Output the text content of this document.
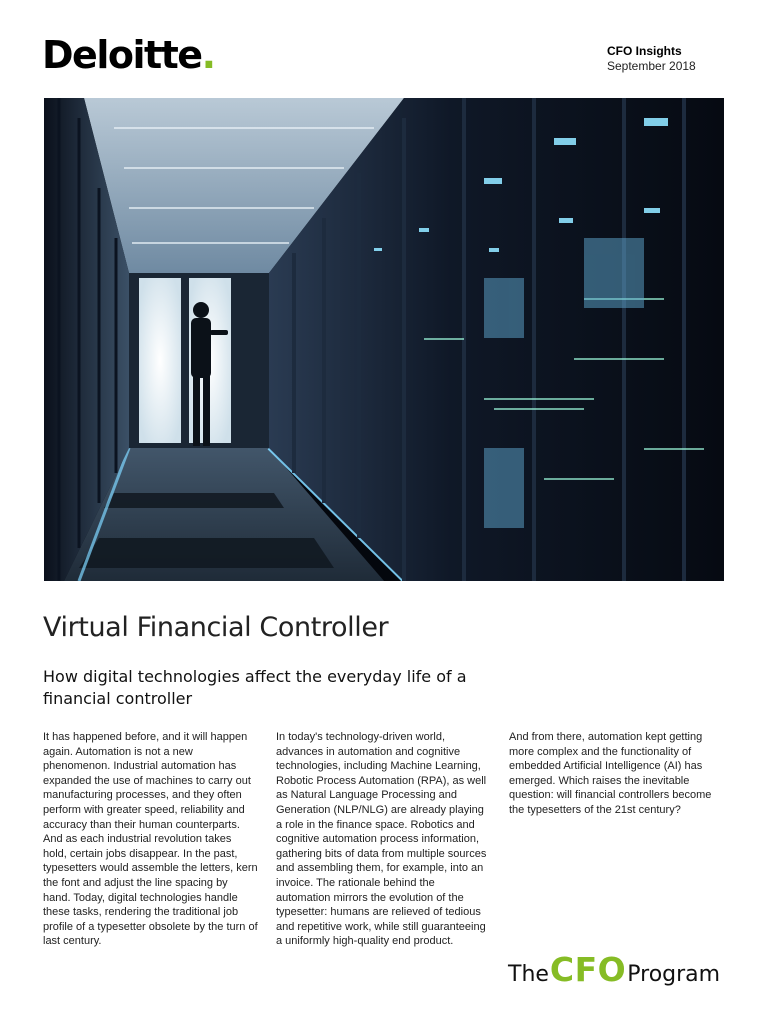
Deloitte.	CFO Insights
September 2018
Virtual Financial Controller
How digital technologies affect the everyday life of a financial controller

It has happened before, and it will happen again. Automation is not a new phenomenon. Industrial automation has expanded the use of machines to carry out manufacturing processes, and they often perform with greater speed, reliability and accuracy than their human counterparts. And as each industrial revolution takes hold, certain jobs disappear. In the past, typesetters would assemble the letters, kern the font and adjust the line spacing by hand. Today, digital technologies handle these tasks, rendering the traditional job profile of a typesetter obsolete by the turn of last century.

In today's technology-driven world, advances in automation and cognitive technologies, including Machine Learning, Robotic Process Automation (RPA), as well as Natural Language Processing and Generation (NLP/NLG) are already playing a role in the finance space. Robotics and cognitive automation process information, gathering bits of data from multiple sources and assembling them, for example, into an invoice. The rationale behind the automation mirrors the evolution of the typesetter: humans are relieved of tedious and repetitive work, while still guaranteeing a uniformly high-quality end product.

And from there, automation kept getting more complex and the functionality of embedded Artificial Intelligence (AI) has emerged. Which raises the inevitable question: will financial controllers become the typesetters of the 21st century?

TheCFOProgram
